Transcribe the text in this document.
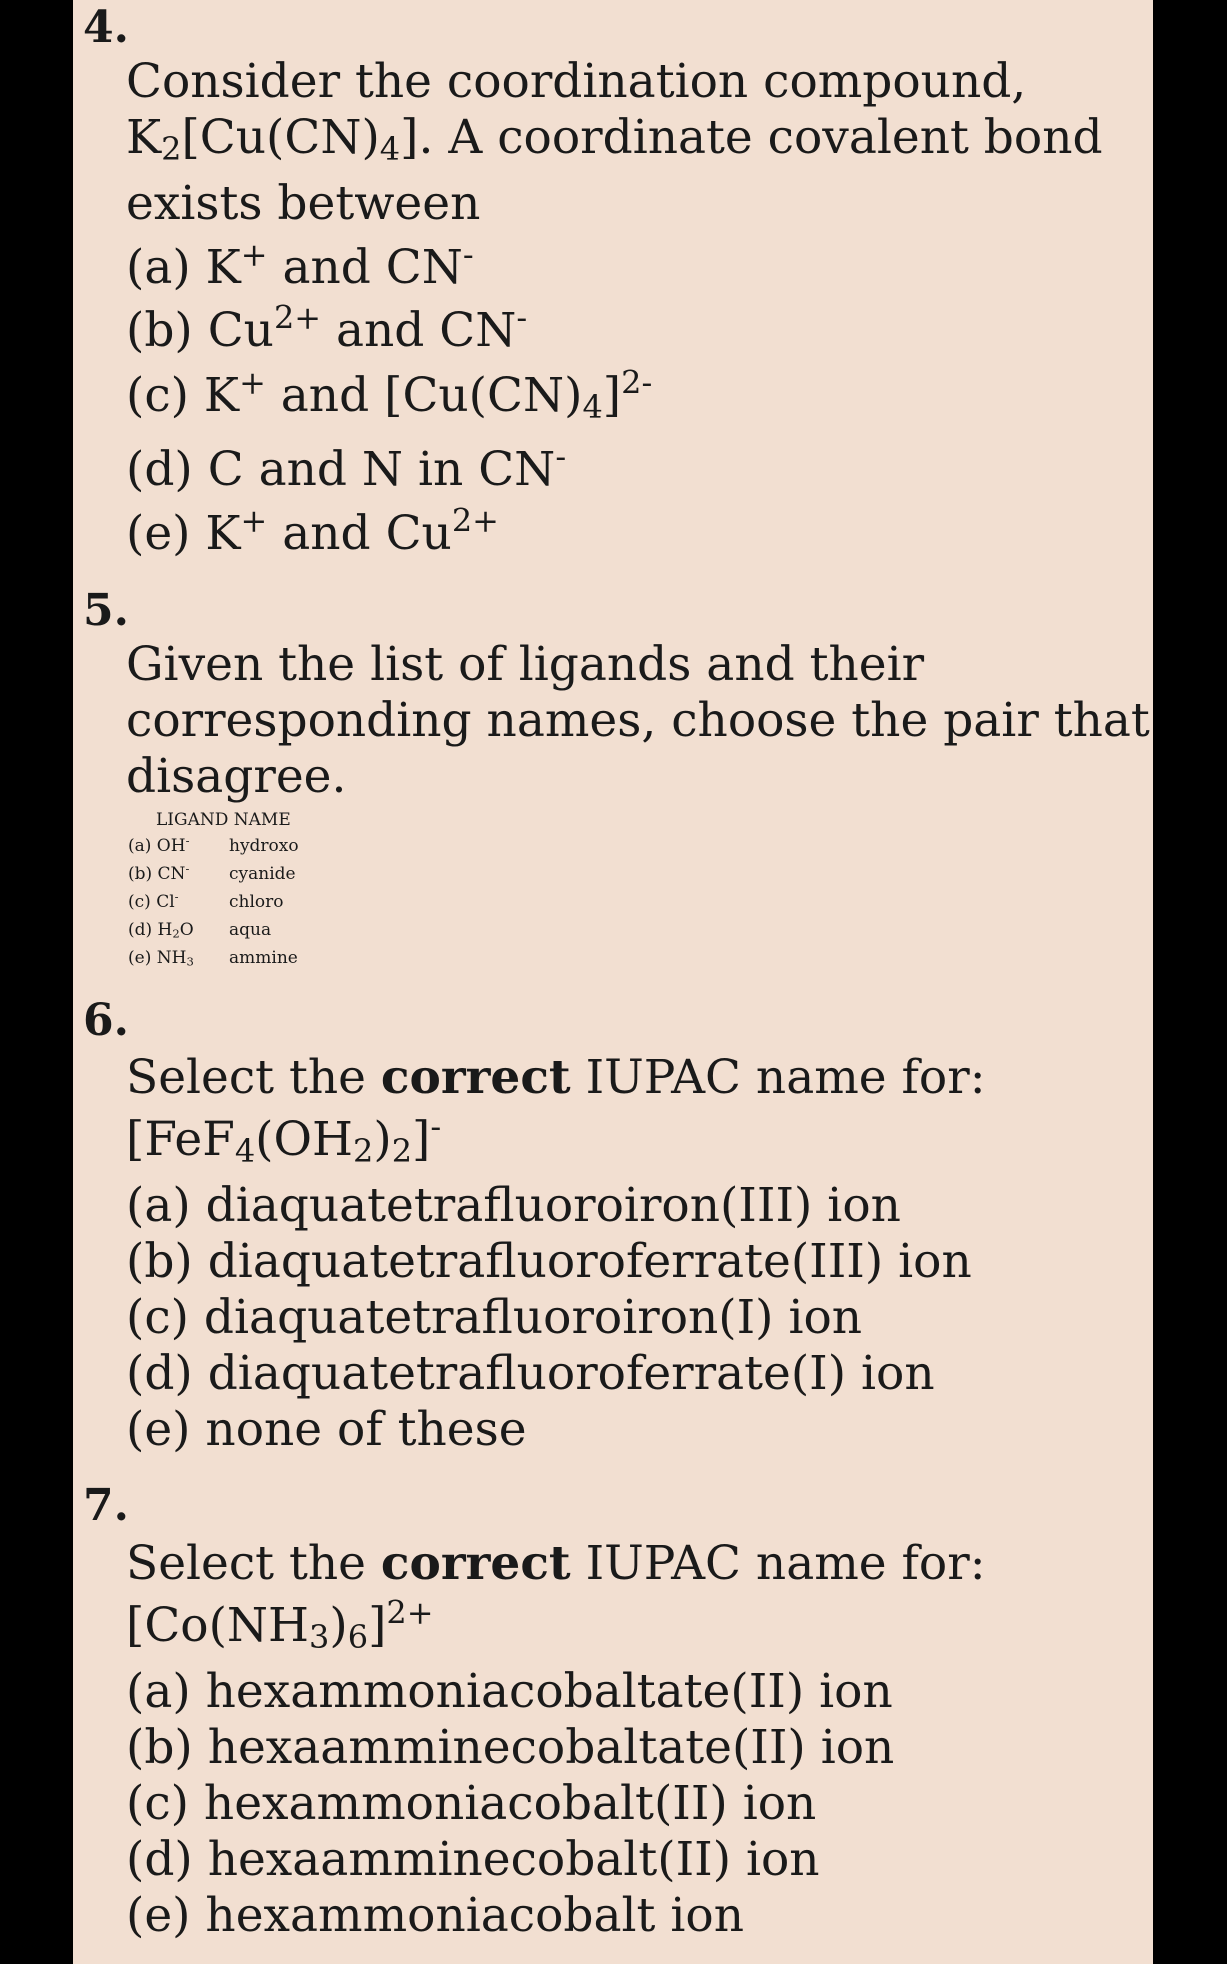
4.
Consider the coordination compound,
$K_2[Cu(CN)_4]$. A coordinate covalent bond
exists between
(a) K+ and CN-
(b) $Cu^{2+}$ and CN-
(c) K+ and $[Cu(CN)_4]^{2-}$
(d) C and N in CN-
(e) K+ and $Cu^{2+}$
5.
Given the list of ligands and their
corresponding names, choose the pair that
disagree.
LIGAND NAME
(a) OH- hydroxo
(b) CN- cyanide
(c) Cl-	chloro
(d) $H_2O$ aqua
(e) $NH_3$ ammine
6.
Select the correct IUPAC name for:
$[FeF_4(OH_2)_2]^-$
(a) diaquatetrafluoroiron(III) ion
(b) diaquatetrafluoroferrate(III) ion
(c) diaquatetrafluoroiron(I) ion
(d) diaquatetrafluoroferrate(I) ion
(e) none of these
7.
Select the correct IUPAC name for:
$[Co(NH_3)_6]^{2+}$
(a) hexammoniacobaltate(II) ion
(b) hexaamminecobaltate(II) ion
(c) hexammoniacobalt(II) ion
(d) hexaamminecobalt(II) ion
(e) hexammoniacobalt ion
